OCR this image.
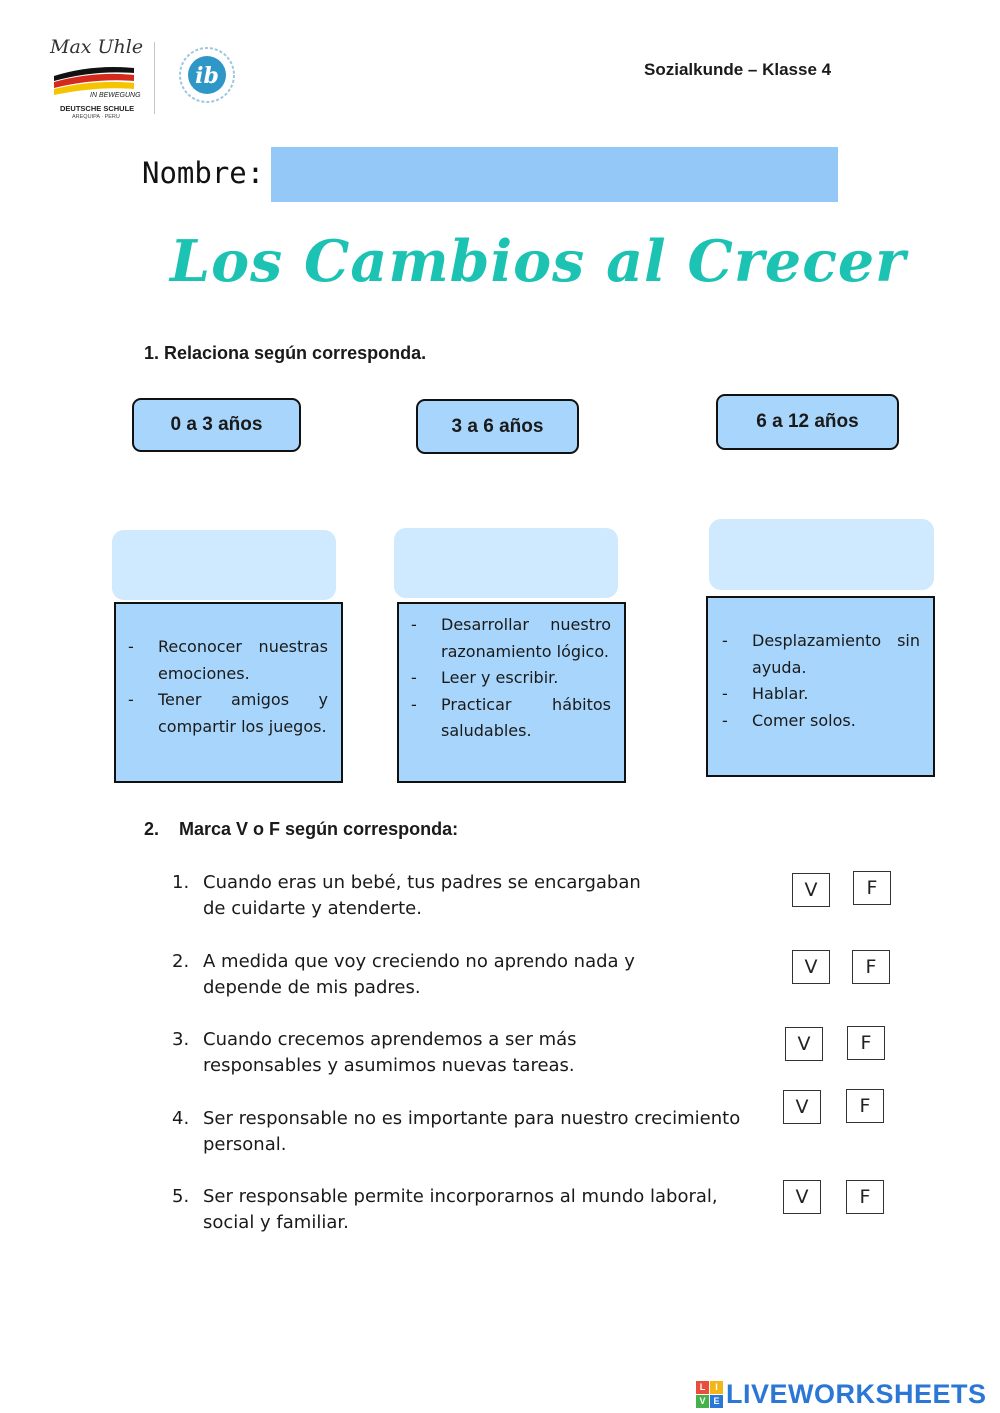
Max Uhle
IN BEWEGUNG
DEUTSCHE SCHULE
AREQUIPA · PERU
ib	Sozialkunde – Klasse 4
Nombre:
Los Cambios al Crecer
1. Relaciona según corresponda.
0 a 3 años	3 a 6 años	6 a 12 años
- Reconocer nuestras emociones.
- Tener amigos y compartir los juegos.
- Desarrollar nuestro razonamiento lógico.
- Leer y escribir.
- Practicar hábitos saludables.
- Desplazamiento sin ayuda.
- Hablar.
- Comer solos.
2.    Marca V o F según corresponda:
1. Cuando eras un bebé, tus padres se encargaban de cuidarte y atenderte.
V	F
2. A medida que voy creciendo no aprendo nada y depende de mis padres.
V	F
3. Cuando crecemos aprendemos a ser más responsables y asumimos nuevas tareas.
V	F
4. Ser responsable no es importante para nuestro crecimiento personal.
V	F
5. Ser responsable permite incorporarnos al mundo laboral, social y familiar.
V	F
L	I
V E LIVEWORKSHEETS
